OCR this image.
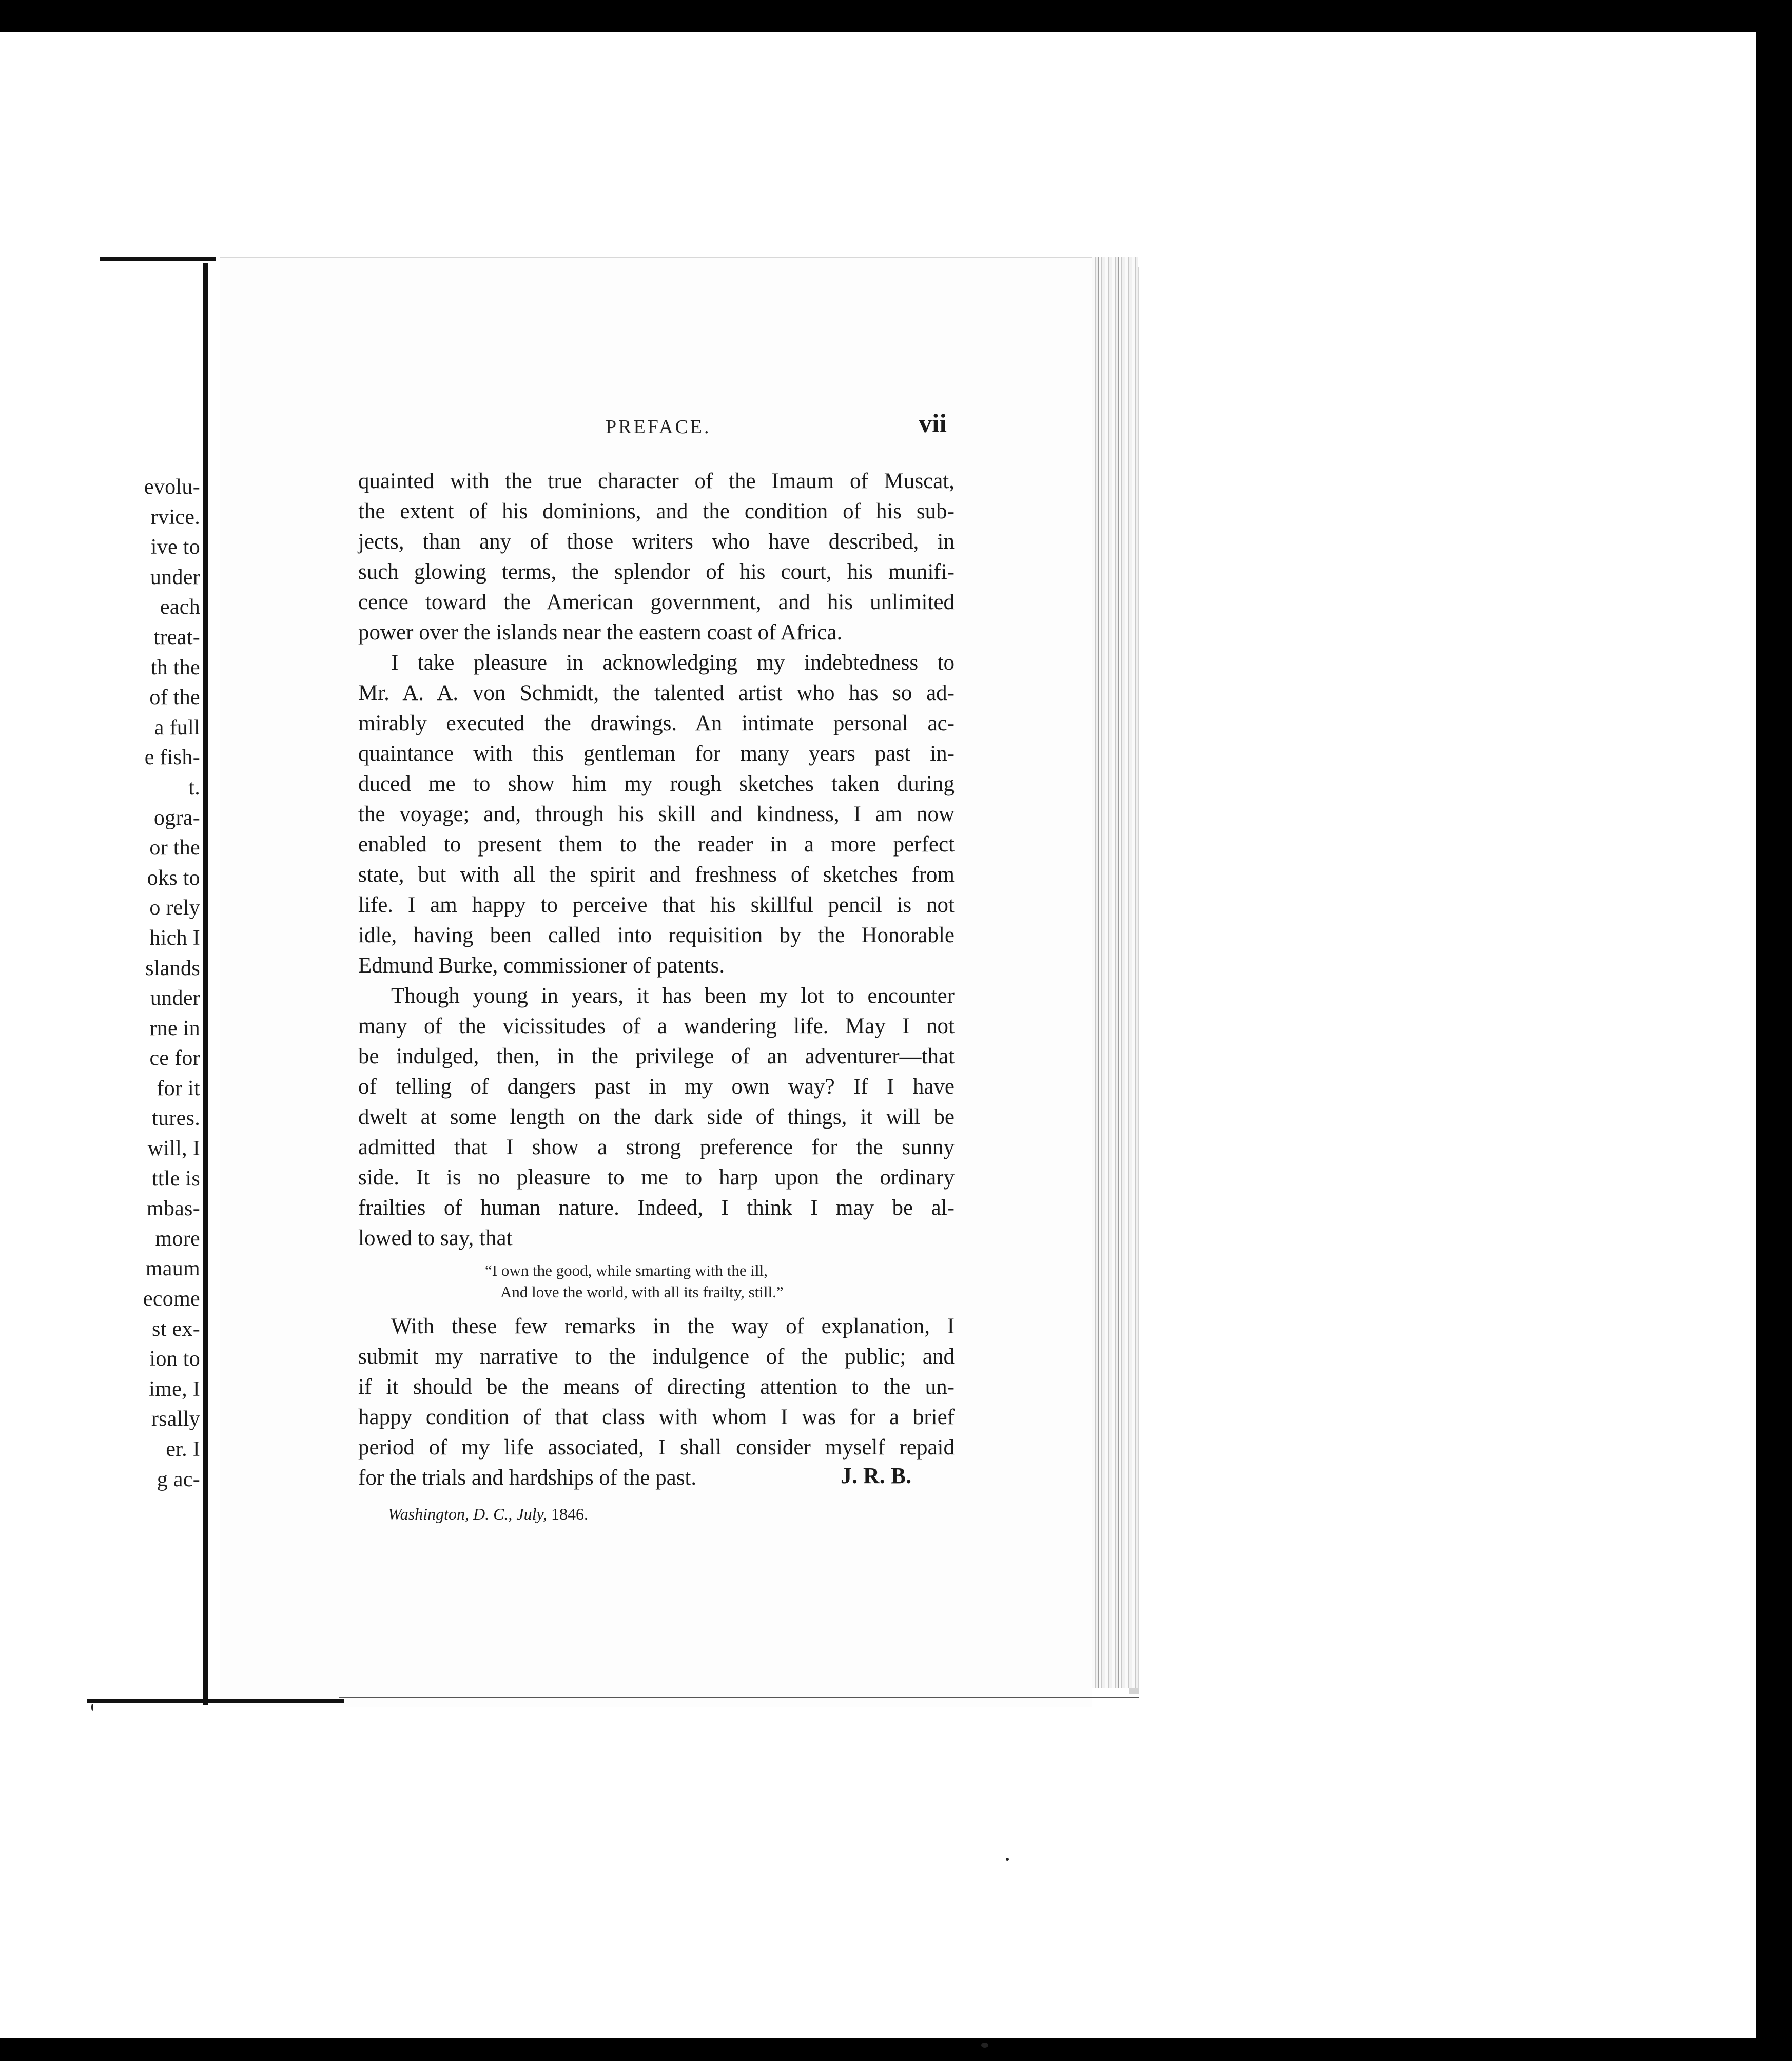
evolu-
rvice.
ive to
under
each
treat-
th the
of the
a full
e fish-
t.
ogra-
or the
oks to
o rely
hich I
slands
under
rne in
ce for
for it
tures.
will, I
ttle is
mbas-
more
maum
ecome
st ex-
ion to
ime, I
rsally
er. I
g ac-
PREFACE.	vii
quainted with the true character of the Imaum of Muscat,
the extent of his dominions, and the condition of his sub-
jects, than any of those writers who have described, in
such glowing terms, the splendor of his court, his munifi-
cence toward the American government, and his unlimited
power over the islands near the eastern coast of Africa.
I take pleasure in acknowledging my indebtedness to
Mr. A. A. von Schmidt, the talented artist who has so ad-
mirably executed the drawings. An intimate personal ac-
quaintance with this gentleman for many years past in-
duced me to show him my rough sketches taken during
the voyage; and, through his skill and kindness, I am now
enabled to present them to the reader in a more perfect
state, but with all the spirit and freshness of sketches from
life. I am happy to perceive that his skillful pencil is not
idle, having been called into requisition by the Honorable
Edmund Burke, commissioner of patents.
Though young in years, it has been my lot to encounter
many of the vicissitudes of a wandering life. May I not
be indulged, then, in the privilege of an adventurer—that
of telling of dangers past in my own way? If I have
dwelt at some length on the dark side of things, it will be
admitted that I show a strong preference for the sunny
side. It is no pleasure to me to harp upon the ordinary
frailties of human nature. Indeed, I think I may be al-
lowed to say, that
“I own the good, while smarting with the ill,
And love the world, with all its frailty, still.”
With these few remarks in the way of explanation, I
submit my narrative to the indulgence of the public; and
if it should be the means of directing attention to the un-
happy condition of that class with whom I was for a brief
period of my life associated, I shall consider myself repaid
for the trials and hardships of the past.	J. R. B.
Washington, D. C., July, 1846.
